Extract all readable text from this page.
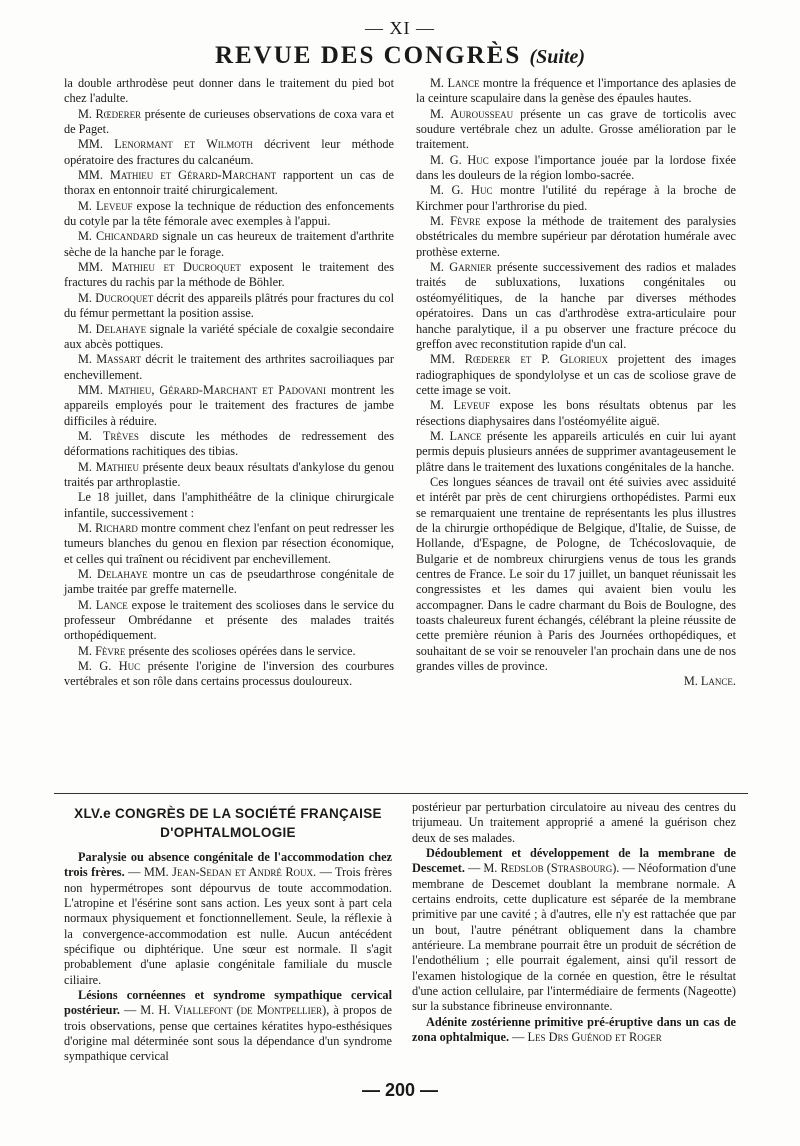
— XI —
REVUE DES CONGRÈS (Suite)

la double arthrodèse peut donner dans le traitement du pied bot chez l'adulte.

M. Rœderer présente de curieuses observations de coxa vara et de Paget.

MM. Lenormant et Wilmoth décrivent leur méthode opératoire des fractures du calcanéum.

MM. Mathieu et Gérard-Marchant rapportent un cas de thorax en entonnoir traité chirurgicalement.

M. Leveuf expose la technique de réduction des enfoncements du cotyle par la tête fémorale avec exemples à l'appui.

M. Chicandard signale un cas heureux de traitement d'arthrite sèche de la hanche par le forage.

MM. Mathieu et Ducroquet exposent le traitement des fractures du rachis par la méthode de Böhler.

M. Ducroquet décrit des appareils plâtrés pour fractures du col du fémur permettant la position assise.

M. Delahaye signale la variété spéciale de coxalgie secondaire aux abcès pottiques.

M. Massart décrit le traitement des arthrites sacroiliaques par enchevillement.

MM. Mathieu, Gérard-Marchant et Padovani montrent les appareils employés pour le traitement des fractures de jambe difficiles à réduire.

M. Trèves discute les méthodes de redressement des déformations rachitiques des tibias.

M. Mathieu présente deux beaux résultats d'ankylose du genou traités par arthroplastie.

Le 18 juillet, dans l'amphithéâtre de la clinique chirurgicale infantile, successivement :

M. Richard montre comment chez l'enfant on peut redresser les tumeurs blanches du genou en flexion par résection économique, et celles qui traînent ou récidivent par enchevillement.

M. Delahaye montre un cas de pseudarthrose congénitale de jambe traitée par greffe maternelle.

M. Lance expose le traitement des scolioses dans le service du professeur Ombrédanne et présente des malades traités orthopédiquement.

M. Fèvre présente des scolioses opérées dans le service.

M. G. Huc présente l'origine de l'inversion des courbures vertébrales et son rôle dans certains processus douloureux.

M. Lance montre la fréquence et l'importance des aplasies de la ceinture scapulaire dans la genèse des épaules hautes.

M. Aurousseau présente un cas grave de torticolis avec soudure vertébrale chez un adulte. Grosse amélioration par le traitement.

M. G. Huc expose l'importance jouée par la lordose fixée dans les douleurs de la région lombo-sacrée.

M. G. Huc montre l'utilité du repérage à la broche de Kirchmer pour l'arthrorise du pied.

M. Fèvre expose la méthode de traitement des paralysies obstétricales du membre supérieur par dérotation humérale avec prothèse externe.

M. Garnier présente successivement des radios et malades traités de subluxations, luxations congénitales ou ostéomyélitiques, de la hanche par diverses méthodes opératoires. Dans un cas d'arthrodèse extra-articulaire pour hanche paralytique, il a pu observer une fracture précoce du greffon avec reconstitution rapide d'un cal.

MM. Rœderer et P. Glorieux projettent des images radiographiques de spondylolyse et un cas de scoliose grave de cette image se voit.

M. Leveuf expose les bons résultats obtenus par les résections diaphysaires dans l'ostéomyélite aiguë.

M. Lance présente les appareils articulés en cuir lui ayant permis depuis plusieurs années de supprimer avantageusement le plâtre dans le traitement des luxations congénitales de la hanche.

Ces longues séances de travail ont été suivies avec assiduité et intérêt par près de cent chirurgiens orthopédistes. Parmi eux se remarquaient une trentaine de représentants les plus illustres de la chirurgie orthopédique de Belgique, d'Italie, de Suisse, de Hollande, d'Espagne, de Pologne, de Tchécoslovaquie, de Bulgarie et de nombreux chirurgiens venus de tous les grands centres de France. Le soir du 17 juillet, un banquet réunissait les congressistes et les dames qui avaient bien voulu les accompagner. Dans le cadre charmant du Bois de Boulogne, des toasts chaleureux furent échangés, célébrant la pleine réussite de cette première réunion à Paris des Journées orthopédiques, et souhaitant de se voir se renouveler l'an prochain dans une de nos grandes villes de province.

M. Lance.

XLV.e CONGRÈS DE LA SOCIÉTÉ FRANÇAISE
D'OPHTALMOLOGIE

Paralysie ou absence congénitale de l'accommodation chez trois frères. — MM. Jean-Sedan et André Roux. — Trois frères non hypermétropes sont dépourvus de toute accommodation. L'atropine et l'ésérine sont sans action. Les yeux sont à part cela normaux physiquement et fonctionnellement. Seule, la réflexie à la convergence-accommodation est nulle. Aucun antécédent spécifique ou diphtérique. Une sœur est normale. Il s'agit probablement d'une aplasie congénitale familiale du muscle ciliaire.

Lésions cornéennes et syndrome sympathique cervical postérieur. — M. H. Viallefont (de Montpellier), à propos de trois observations, pense que certaines kératites hypo-esthésiques d'origine mal déterminée sont sous la dépendance d'un syndrome sympathique cervical

postérieur par perturbation circulatoire au niveau des centres du trijumeau. Un traitement approprié a amené la guérison chez deux de ses malades.

Dédoublement et développement de la membrane de Descemet. — M. Redslob (Strasbourg). — Néoformation d'une membrane de Descemet doublant la membrane normale. A certains endroits, cette duplicature est séparée de la membrane primitive par une cavité ; à d'autres, elle n'y est rattachée que par un bout, l'autre pénétrant obliquement dans la chambre antérieure. La membrane pourrait être un produit de sécrétion de l'endothélium ; elle pourrait également, ainsi qu'il ressort de l'examen histologique de la cornée en question, être le résultat d'une action cellulaire, par l'intermédiaire de ferments (Nageotte) sur la substance fibrineuse environnante.

Adénite zostérienne primitive pré-éruptive dans un cas de zona ophtalmique. — Les Drs Guénod et Roger

— 200 —
